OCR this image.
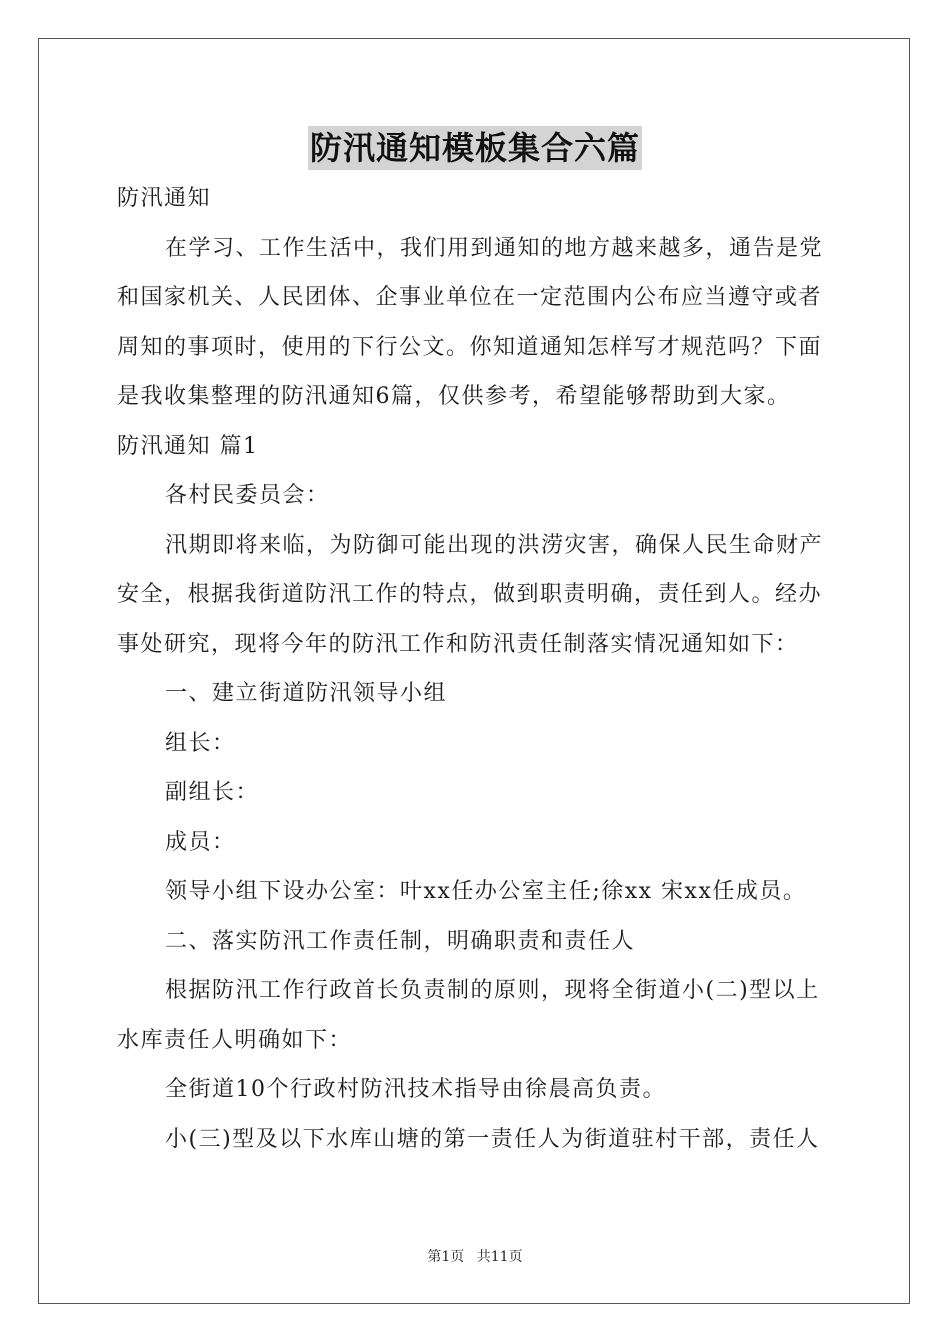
防汛通知模板集合六篇

防汛通知

在学习、工作生活中，我们用到通知的地方越来越多，通告是党和国家机关、人民团体、企事业单位在一定范围内公布应当遵守或者周知的事项时，使用的下行公文。你知道通知怎样写才规范吗？下面是我收集整理的防汛通知6篇，仅供参考，希望能够帮助到大家。

防汛通知 篇1

各村民委员会：

汛期即将来临，为防御可能出现的洪涝灾害，确保人民生命财产安全，根据我街道防汛工作的特点，做到职责明确，责任到人。经办事处研究，现将今年的防汛工作和防汛责任制落实情况通知如下：

一、建立街道防汛领导小组

组长：

副组长：

成员：

领导小组下设办公室：叶xx任办公室主任;徐xx 宋xx任成员。

二、落实防汛工作责任制，明确职责和责任人

根据防汛工作行政首长负责制的原则，现将全街道小(二)型以上水库责任人明确如下：

全街道10个行政村防汛技术指导由徐晨高负责。

小(三)型及以下水库山塘的第一责任人为街道驻村干部，责任人

第1页 共11页
